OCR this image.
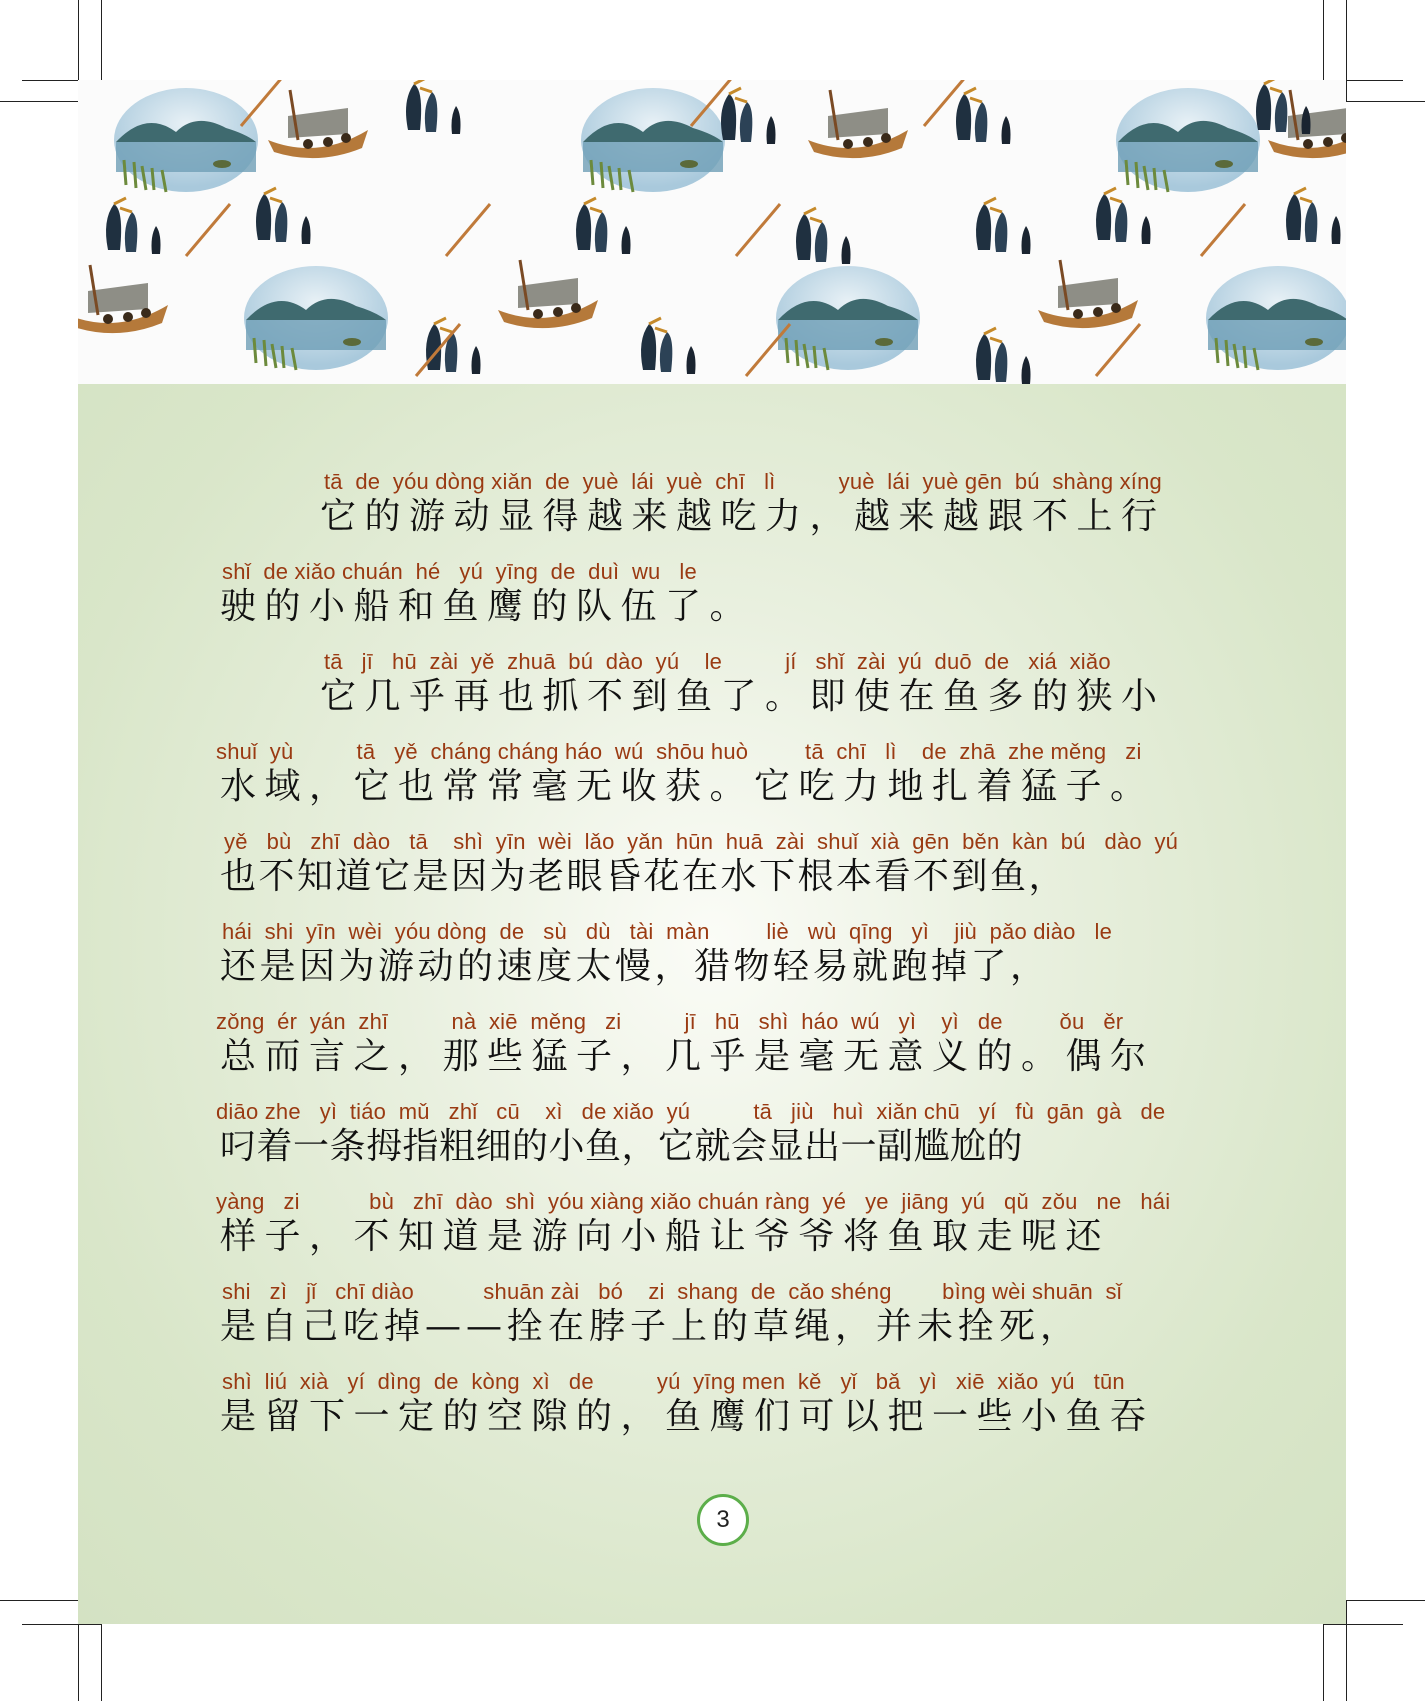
tā  de  yóu dòng xiǎn  de  yuè  lái  yuè  chī   lì          yuè  lái  yuè gēn  bú  shàng xíng
它的游动显得越来越吃力，越来越跟不上行
shǐ  de xiǎo chuán  hé   yú  yīng  de  duì  wu   le
驶的小船和鱼鹰的队伍了。
tā   jī   hū  zài  yě  zhuā  bú  dào  yú    le          jí   shǐ  zài  yú  duō  de   xiá  xiǎo
它几乎再也抓不到鱼了。即使在鱼多的狭小
shuǐ  yù          tā   yě  cháng cháng háo  wú  shōu huò         tā  chī   lì    de  zhā  zhe měng   zi
水域，它也常常毫无收获。它吃力地扎着猛子。
yě   bù   zhī  dào   tā    shì  yīn  wèi  lǎo  yǎn  hūn  huā  zài  shuǐ  xià  gēn  běn  kàn  bú   dào  yú
也不知道它是因为老眼昏花在水下根本看不到鱼，
hái  shi  yīn  wèi  yóu dòng  de   sù   dù   tài  màn         liè   wù  qīng   yì    jiù  pǎo diào   le
还是因为游动的速度太慢，猎物轻易就跑掉了，
zǒng  ér  yán  zhī          nà  xiē  měng   zi          jī   hū   shì  háo  wú   yì    yì   de         ǒu   ěr
总而言之，那些猛子，几乎是毫无意义的。偶尔
diāo zhe   yì  tiáo  mǔ   zhǐ   cū    xì   de xiǎo  yú          tā   jiù   huì  xiǎn chū   yí   fù  gān  gà   de
叼着一条拇指粗细的小鱼，它就会显出一副尴尬的
yàng   zi           bù   zhī  dào  shì  yóu xiàng xiǎo chuán ràng  yé   ye  jiāng  yú   qǔ  zǒu   ne   hái
样子，不知道是游向小船让爷爷将鱼取走呢还
shi   zì   jǐ   chī diào           shuān zài   bó    zi  shang  de  cǎo shéng        bìng wèi shuān  sǐ
是自己吃掉——拴在脖子上的草绳，并未拴死，
shì  liú  xià   yí  dìng  de  kòng  xì   de          yú  yīng men  kě   yǐ   bǎ   yì   xiē  xiǎo  yú   tūn
是留下一定的空隙的，鱼鹰们可以把一些小鱼吞
3
